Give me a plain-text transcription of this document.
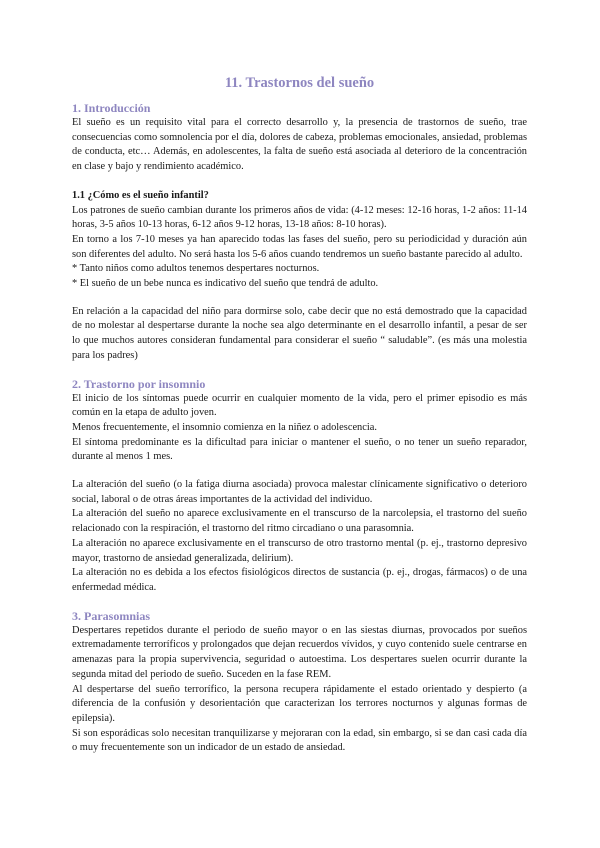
11. Trastornos del sueño
1. Introducción

El sueño es un requisito vital para el correcto desarrollo y, la presencia de trastornos de sueño, trae consecuencias como somnolencia por el día, dolores de cabeza, problemas emocionales, ansiedad, problemas de conducta, etc… Además, en adolescentes, la falta de sueño está asociada al deterioro de la concentración en clase y bajo y rendimiento académico.

1.1 ¿Cómo es el sueño infantil?

Los patrones de sueño cambian durante los primeros años de vida: (4-12 meses: 12-16 horas, 1-2 años: 11-14 horas, 3-5 años 10-13 horas, 6-12 años 9-12 horas, 13-18 años: 8-10 horas).

En torno a los 7-10 meses ya han aparecido todas las fases del sueño, pero su periodicidad y duración aún son diferentes del adulto. No será hasta los 5-6 años cuando tendremos un sueño bastante parecido al adulto.

* Tanto niños como adultos tenemos despertares nocturnos.

* El sueño de un bebe nunca es indicativo del sueño que tendrá de adulto.

En relación a la capacidad del niño para dormirse solo, cabe decir que no está demostrado que la capacidad de no molestar al despertarse durante la noche sea algo determinante en el desarrollo infantil, a pesar de ser lo que muchos autores consideran fundamental para considerar el sueño “ saludable”. (es más una molestia para los padres)

2. Trastorno por insomnio

El inicio de los síntomas puede ocurrir en cualquier momento de la vida, pero el primer episodio es más común en la etapa de adulto joven.

Menos frecuentemente, el insomnio comienza en la niñez o adolescencia.

El síntoma predominante es la dificultad para iniciar o mantener el sueño, o no tener un sueño reparador, durante al menos 1 mes.

La alteración del sueño (o la fatiga diurna asociada) provoca malestar clínicamente significativo o deterioro social, laboral o de otras áreas importantes de la actividad del individuo.

La alteración del sueño no aparece exclusivamente en el transcurso de la narcolepsia, el trastorno del sueño relacionado con la respiración, el trastorno del ritmo circadiano o una parasomnia.

La alteración no aparece exclusivamente en el transcurso de otro trastorno mental (p. ej., trastorno depresivo mayor, trastorno de ansiedad generalizada, delirium).

La alteración no es debida a los efectos fisiológicos directos de sustancia (p. ej., drogas, fármacos) o de una enfermedad médica.

3. Parasomnias

Despertares repetidos durante el periodo de sueño mayor o en las siestas diurnas, provocados por sueños extremadamente terroríficos y prolongados que dejan recuerdos vívidos, y cuyo contenido suele centrarse en amenazas para la propia supervivencia, seguridad o autoestima. Los despertares suelen ocurrir durante la segunda mitad del periodo de sueño. Suceden en la fase REM.

Al despertarse del sueño terrorífico, la persona recupera rápidamente el estado orientado y despierto (a diferencia de la confusión y desorientación que caracterizan los terrores nocturnos y algunas formas de epilepsia).

Si son esporádicas solo necesitan tranquilizarse y mejoraran con la edad, sin embargo, si se dan casi cada día o muy frecuentemente son un indicador de un estado de ansiedad.
